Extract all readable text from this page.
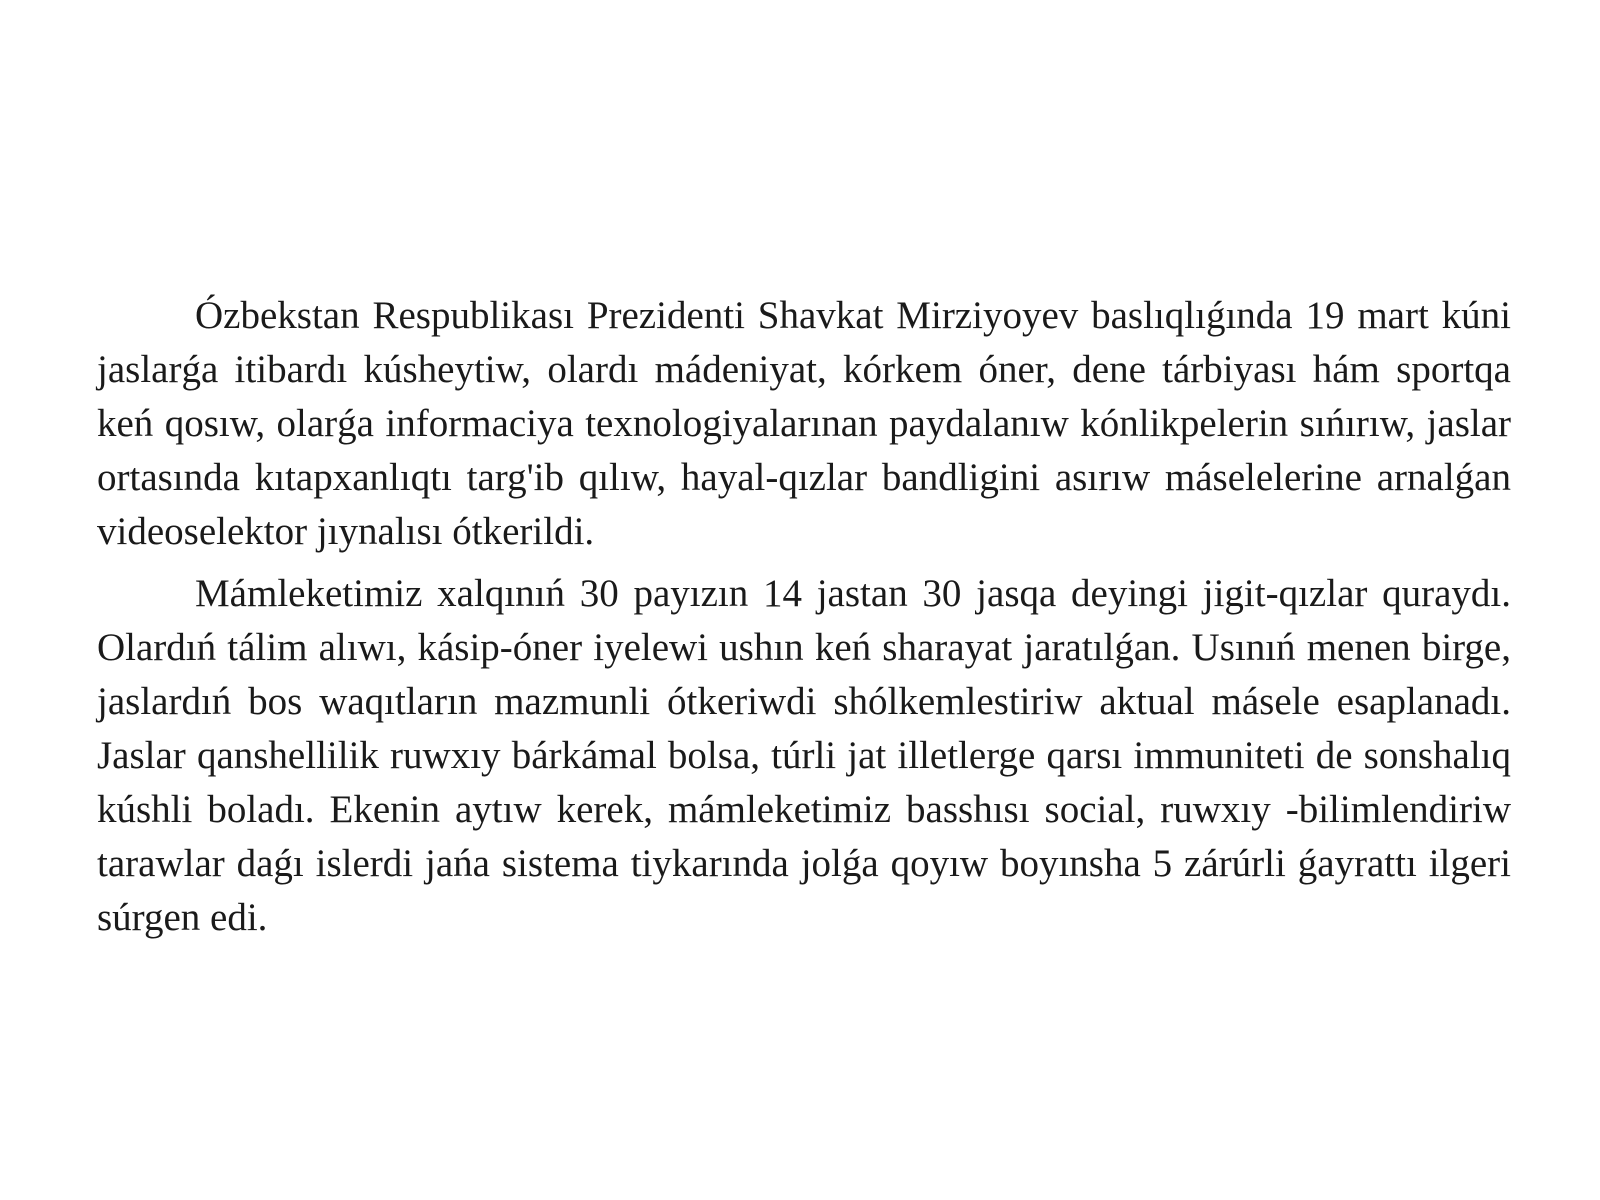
Ózbekstan Respublikası Prezidenti Shavkat Mirziyoyev baslıqlıǵında 19 mart kúni jaslarǵa itibardı kúsheytiw, olardı mádeniyat, kórkem óner, dene tárbiyası hám sportqa keń qosıw, olarǵa informaciya texnologiyalarınan paydalanıw kónlikpelerin sıńırıw, jaslar ortasında kıtapxanlıqtı targ'ib qılıw, hayal-qızlar bandligini asırıw máselelerine arnalǵan videoselektor jıynalısı ótkerildi.

Mámleketimiz xalqınıń 30 payızın 14 jastan 30 jasqa deyingi jigit-qızlar quraydı. Olardıń tálim alıwı, kásip-óner iyelewi ushın keń sharayat jaratılǵan. Usınıń menen birge, jaslardıń bos waqıtların mazmunli ótkeriwdi shólkemlestiriw aktual másele esaplanadı. Jaslar qanshellilik ruwxıy bárkámal bolsa, túrli jat illetlerge qarsı immuniteti de sonshalıq kúshli boladı. Ekenin aytıw kerek, mámleketimiz basshısı social, ruwxıy -bilimlendiriw tarawlar daǵı islerdi jańa sistema tiykarında jolǵa qoyıw boyınsha 5 zárúrli ǵayrattı ilgeri súrgen edi.
